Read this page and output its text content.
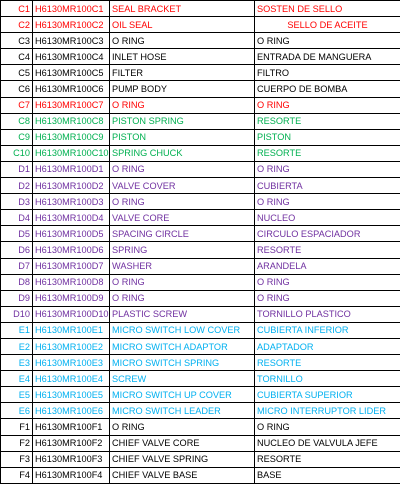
C1	H6130MR100C1	SEAL BRACKET	SOSTEN DE SELLO
C2	H6130MR100C2	OIL SEAL	SELLO DE ACEITE
C3	H6130MR100C3	O RING	O RING
C4	H6130MR100C4	INLET HOSE	ENTRADA DE MANGUERA
C5	H6130MR100C5	FILTER	FILTRO
C6	H6130MR100C6	PUMP BODY	CUERPO DE BOMBA
C7	H6130MR100C7	O RING	O RING
C8	H6130MR100C8	PISTON SPRING	RESORTE
C9	H6130MR100C9	PISTON	PISTON
C10	H6130MR100C10	SPRING CHUCK	RESORTE
D1	H6130MR100D1	O RING	O RING
D2	H6130MR100D2	VALVE COVER	CUBIERTA
D3	H6130MR100D3	O RING	O RING
D4	H6130MR100D4	VALVE CORE	NUCLEO
D5	H6130MR100D5	SPACING CIRCLE	CIRCULO ESPACIADOR
D6	H6130MR100D6	SPRING	RESORTE
D7	H6130MR100D7	WASHER	ARANDELA
D8	H6130MR100D8	O RING	O RING
D9	H6130MR100D9	O RING	O RING
D10	H6130MR100D10	PLASTIC SCREW	TORNILLO PLASTICO
E1	H6130MR100E1	MICRO SWITCH LOW COVER	CUBIERTA INFERIOR
E2	H6130MR100E2	MICRO SWITCH ADAPTOR	ADAPTADOR
E3	H6130MR100E3	MICRO SWITCH SPRING	RESORTE
E4	H6130MR100E4	SCREW	TORNILLO
E5	H6130MR100E5	MICRO SWITCH UP COVER	CUBIERTA SUPERIOR
E6	H6130MR100E6	MICRO SWITCH LEADER	MICRO INTERRUPTOR LIDER
F1	H6130MR100F1	O RING	O RING
F2	H6130MR100F2	CHIEF VALVE CORE	NUCLEO DE VALVULA JEFE
F3	H6130MR100F3	CHIEF VALVE SPRING	RESORTE
F4	H6130MR100F4	CHIEF VALVE BASE	BASE
